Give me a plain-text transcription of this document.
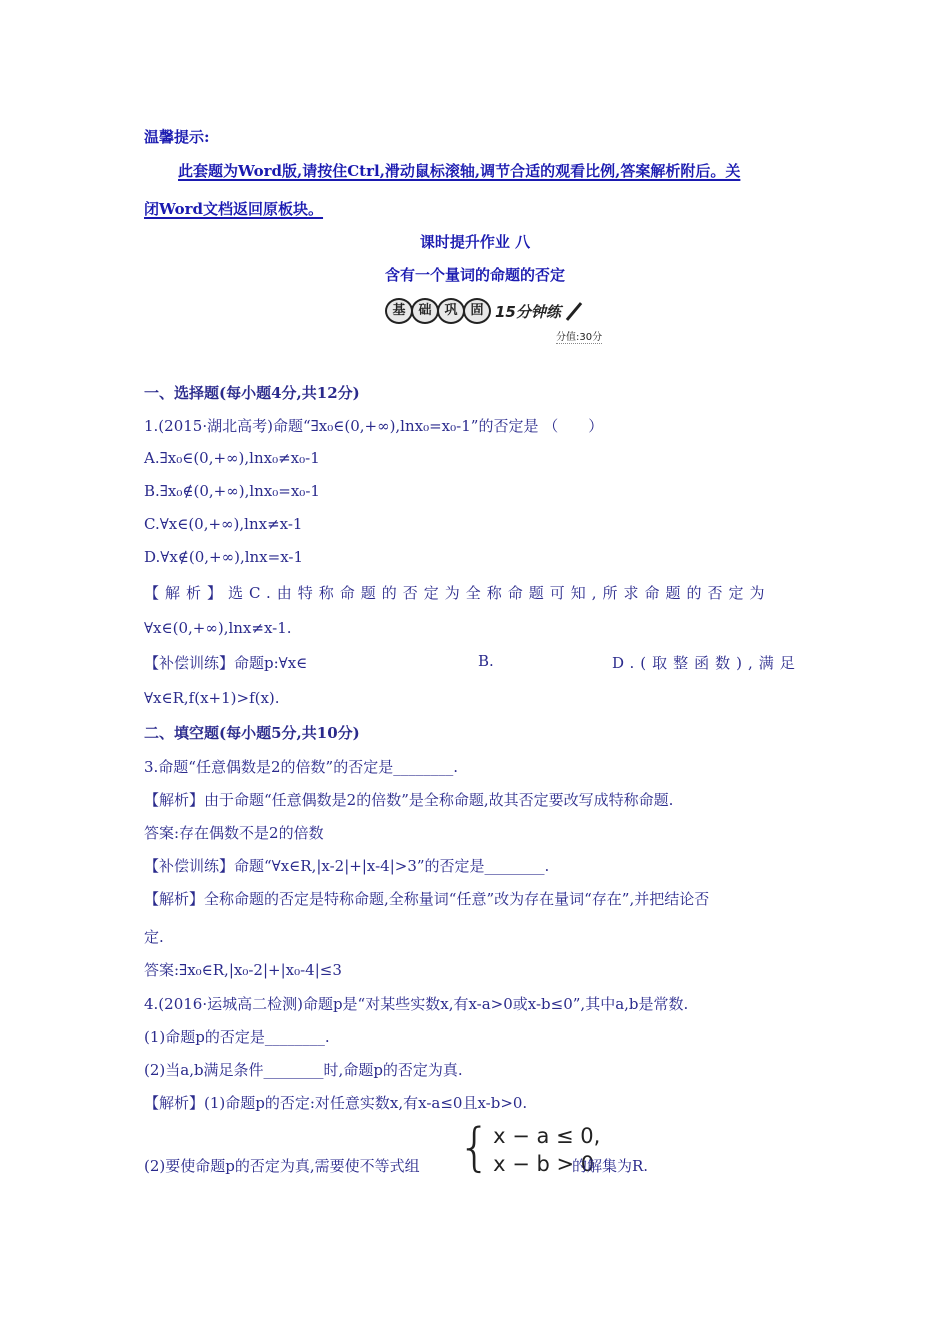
温馨提示:
此套题为Word版,请按住Ctrl,滑动鼠标滚轴,调节合适的观看比例,答案解析附后。关
闭Word文档返回原板块。
课时提升作业 八
含有一个量词的命题的否定
基 础 巩 固 15分钟练
分值:30分
一、选择题(每小题4分,共12分)
1.(2015·湖北高考)命题“∃x₀∈(0,+∞),lnx₀=x₀-1”的否定是 （　　）
A.∃x₀∈(0,+∞),lnx₀≠x₀-1
B.∃x₀∉(0,+∞),lnx₀=x₀-1
C.∀x∈(0,+∞),lnx≠x-1
D.∀x∉(0,+∞),lnx=x-1
【解析】选C.由特称命题的否定为全称命题可知,所求命题的否定为
∀x∈(0,+∞),lnx≠x-1.
【补偿训练】命题p:∀x∈	B.	D.(取整函数),满足
∀x∈R,f(x+1)>f(x).
二、填空题(每小题5分,共10分)
3.命题“任意偶数是2的倍数”的否定是________.
【解析】由于命题“任意偶数是2的倍数”是全称命题,故其否定要改写成特称命题.
答案:存在偶数不是2的倍数
【补偿训练】命题“∀x∈R,|x-2|+|x-4|>3”的否定是________.
【解析】全称命题的否定是特称命题,全称量词“任意”改为存在量词“存在”,并把结论否
定.
答案:∃x₀∈R,|x₀-2|+|x₀-4|≤3
4.(2016·运城高二检测)命题p是“对某些实数x,有x-a>0或x-b≤0”,其中a,b是常数.
(1)命题p的否定是________.
(2)当a,b满足条件________时,命题p的否定为真.
【解析】(1)命题p的否定:对任意实数x,有x-a≤0且x-b>0.
(2)要使命题p的否定为真,需要使不等式组 { x − a ≤ 0,
x − b > 0
的解集为R.
